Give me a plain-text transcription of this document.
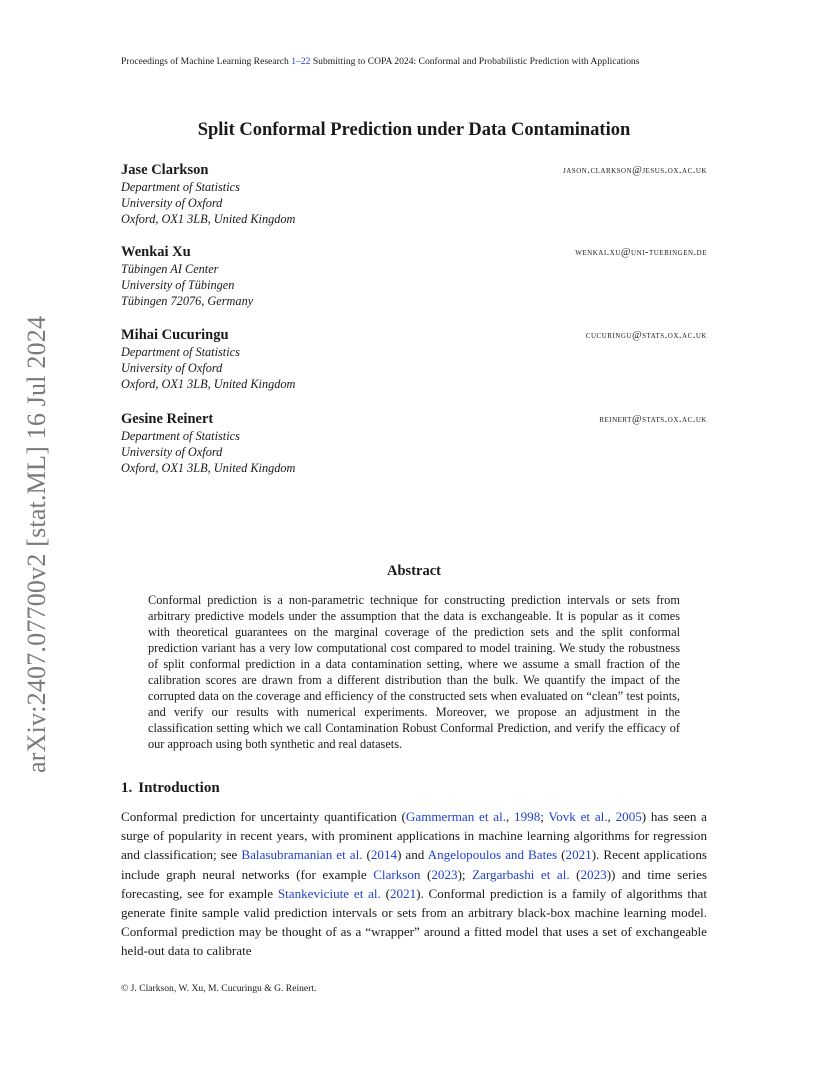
Proceedings of Machine Learning Research 1–22 Submitting to COPA 2024: Conformal and Probabilistic Prediction with Applications
Split Conformal Prediction under Data Contamination
Jase Clarkson	jason.clarkson@jesus.ox.ac.uk
Department of Statistics
University of Oxford
Oxford, OX1 3LB, United Kingdom
Wenkai Xu	wenkai.xu@uni-tuebingen.de
Tübingen AI Center
University of Tübingen
Tübingen 72076, Germany
Mihai Cucuringu	cucuringu@stats.ox.ac.uk
Department of Statistics
University of Oxford
Oxford, OX1 3LB, United Kingdom
Gesine Reinert	reinert@stats.ox.ac.uk
Department of Statistics
University of Oxford
Oxford, OX1 3LB, United Kingdom
arXiv:2407.07700v2 [stat.ML] 16 Jul 2024	Abstract
Conformal prediction is a non-parametric technique for constructing prediction intervals or sets from arbitrary predictive models under the assumption that the data is exchangeable. It is popular as it comes with theoretical guarantees on the marginal coverage of the prediction sets and the split conformal prediction variant has a very low computational cost compared to model training. We study the robustness of split conformal prediction in a data contamination setting, where we assume a small fraction of the calibration scores are drawn from a different distribution than the bulk. We quantify the impact of the corrupted data on the coverage and efficiency of the constructed sets when evaluated on “clean” test points, and verify our results with numerical experiments. Moreover, we propose an adjustment in the classification setting which we call Contamination Robust Conformal Prediction, and verify the efficacy of our approach using both synthetic and real datasets.
1. Introduction
Conformal prediction for uncertainty quantification (Gammerman et al., 1998; Vovk et al., 2005) has seen a surge of popularity in recent years, with prominent applications in machine learning algorithms for regression and classification; see Balasubramanian et al. (2014) and Angelopoulos and Bates (2021). Recent applications include graph neural networks (for example Clarkson (2023); Zargarbashi et al. (2023)) and time series forecasting, see for example Stankeviciute et al. (2021). Conformal prediction is a family of algorithms that generate finite sample valid prediction intervals or sets from an arbitrary black-box machine learning model. Conformal prediction may be thought of as a “wrapper” around a fitted model that uses a set of exchangeable held-out data to calibrate
© J. Clarkson, W. Xu, M. Cucuringu & G. Reinert.
